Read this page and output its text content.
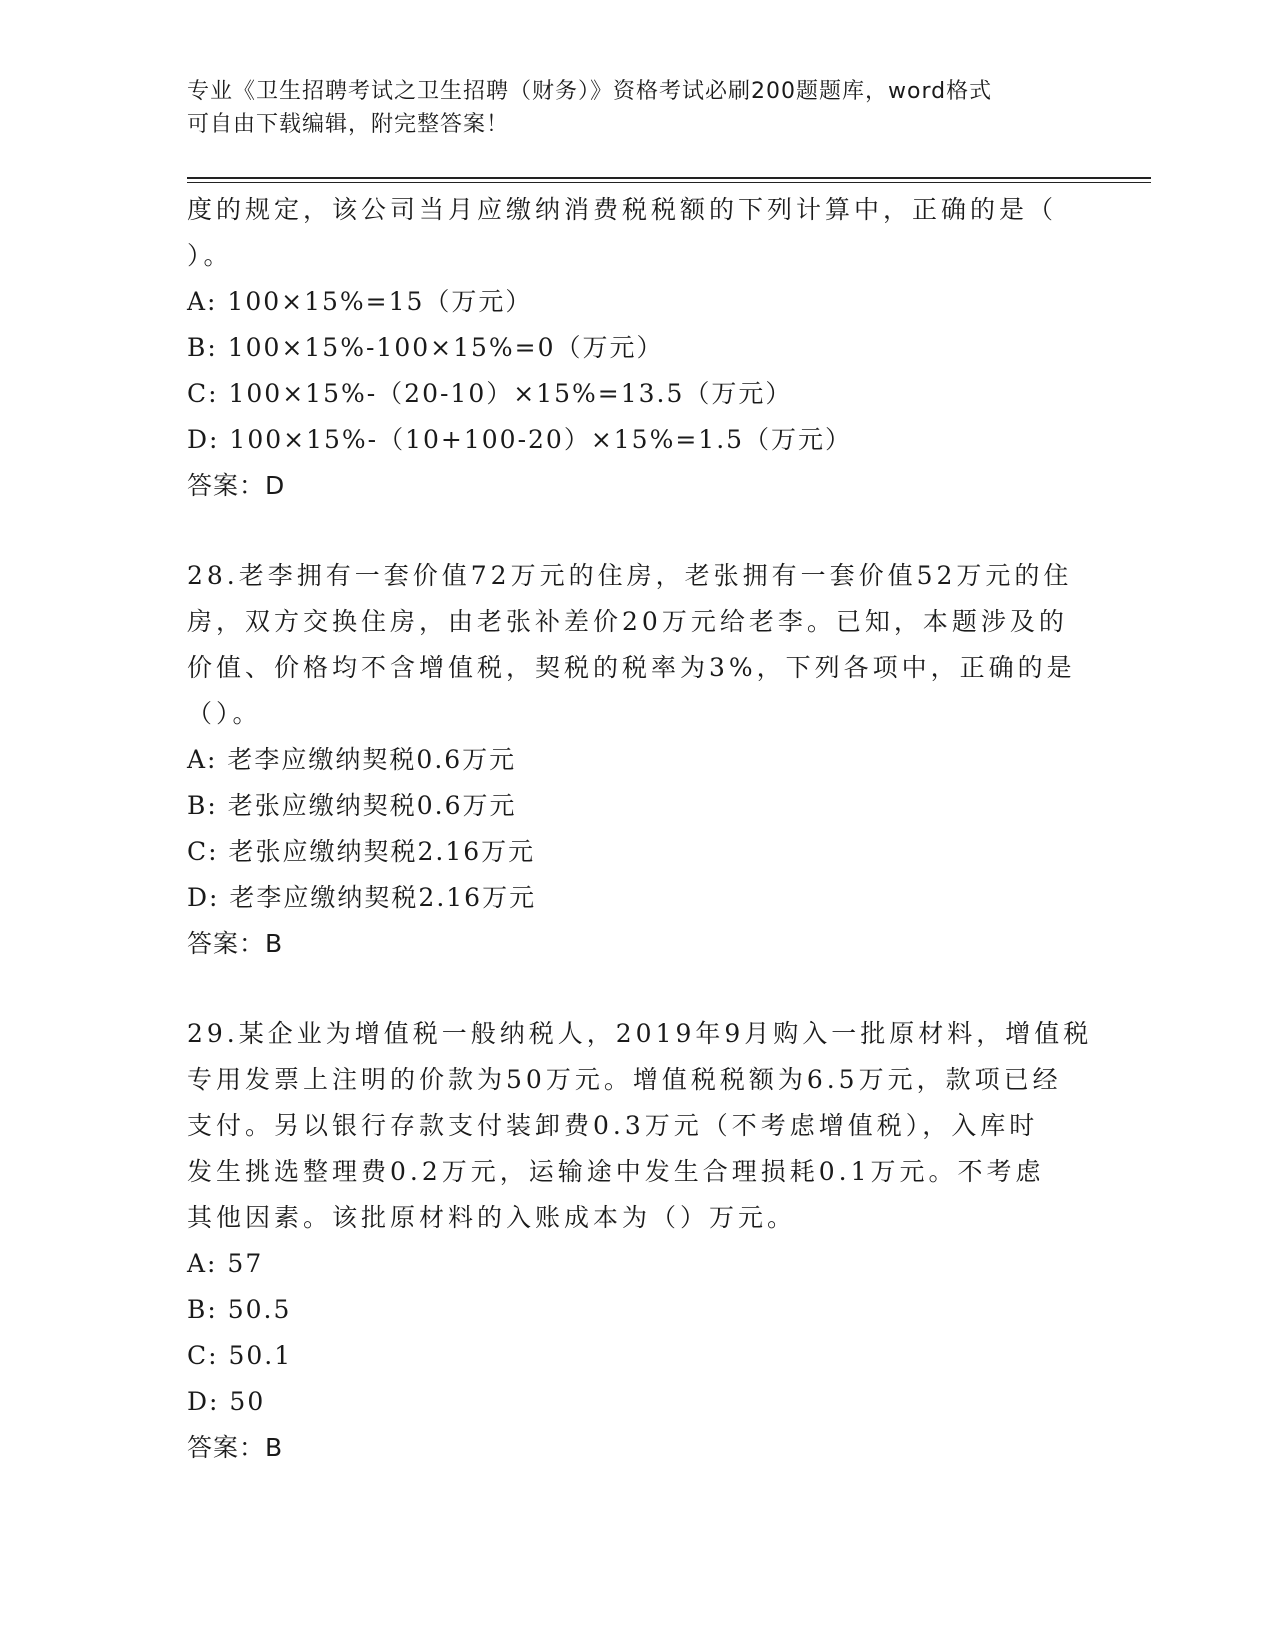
专业《卫生招聘考试之卫生招聘（财务）》资格考试必刷200题题库，word格式
可自由下载编辑，附完整答案！
度的规定，该公司当月应缴纳消费税税额的下列计算中，正确的是（
）。
A: 100×15%=15（万元）
B: 100×15%-100×15%=0（万元）
C: 100×15%-（20-10）×15%=13.5（万元）
D: 100×15%-（10+100-20）×15%=1.5（万元）
答案：D
28.老李拥有一套价值72万元的住房，老张拥有一套价值52万元的住
房，双方交换住房，由老张补差价20万元给老李。已知，本题涉及的
价值、价格均不含增值税，契税的税率为3%，下列各项中，正确的是
（）。
A: 老李应缴纳契税0.6万元
B: 老张应缴纳契税0.6万元
C: 老张应缴纳契税2.16万元
D: 老李应缴纳契税2.16万元
答案：B
29.某企业为增值税一般纳税人，2019年9月购入一批原材料，增值税
专用发票上注明的价款为50万元。增值税税额为6.5万元，款项已经
支付。另以银行存款支付装卸费0.3万元（不考虑增值税），入库时
发生挑选整理费0.2万元，运输途中发生合理损耗0.1万元。不考虑
其他因素。该批原材料的入账成本为（）万元。
A: 57
B: 50.5
C: 50.1
D: 50
答案：B
